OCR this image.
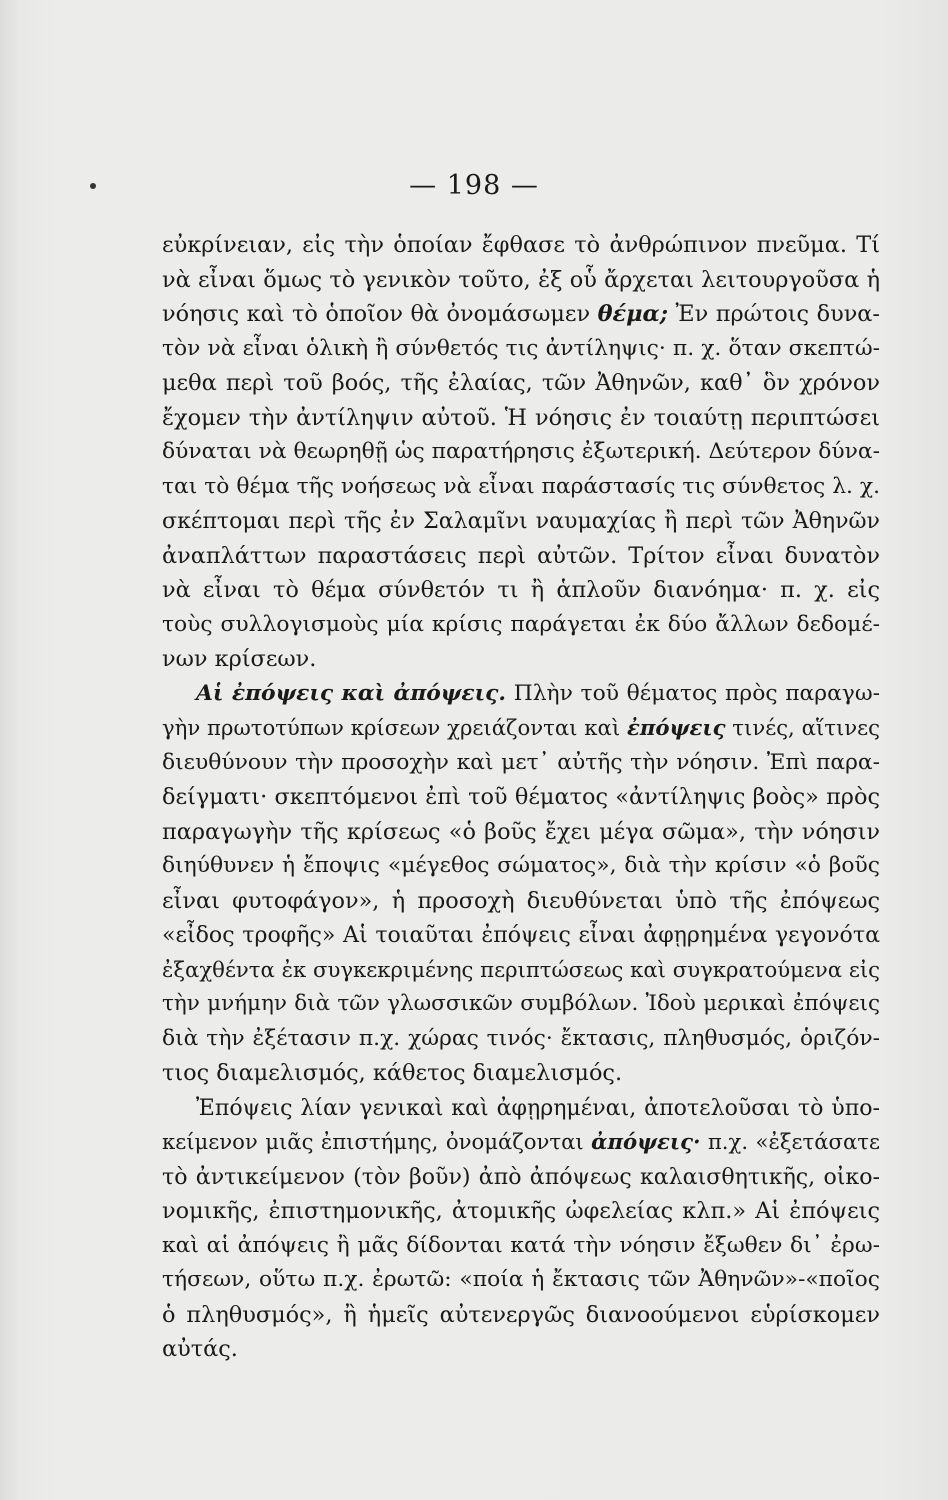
— 198 —
εὐκρίνειαν, εἰς τὴν ὁποίαν ἔφθασε τὸ ἀνθρώπινον πνεῦμα. Τί
νὰ εἶναι ὅμως τὸ γενικὸν τοῦτο, ἐξ οὗ ἄρχεται λειτουργοῦσα ἡ
νόησις καὶ τὸ ὁποῖον θὰ ὀνομάσωμεν θέμα; Ἐν πρώτοις δυνα-
τὸν νὰ εἶναι ὁλικὴ ἢ σύνθετός τις ἀντίληψις· π. χ. ὅταν σκεπτώ-
μεθα περὶ τοῦ βοός, τῆς ἐλαίας, τῶν Ἀθηνῶν, καθ᾽ ὃν χρόνον
ἔχομεν τὴν ἀντίληψιν αὐτοῦ. Ἡ νόησις ἐν τοιαύτῃ περιπτώσει
δύναται νὰ θεωρηθῇ ὡς παρατήρησις ἐξωτερική. Δεύτερον δύνα-
ται τὸ θέμα τῆς νοήσεως νὰ εἶναι παράστασίς τις σύνθετος λ. χ.
σκέπτομαι περὶ τῆς ἐν Σαλαμῖνι ναυμαχίας ἢ περὶ τῶν Ἀθηνῶν
ἀναπλάττων παραστάσεις περὶ αὐτῶν. Τρίτον εἶναι δυνατὸν
νὰ εἶναι τὸ θέμα σύνθετόν τι ἢ ἁπλοῦν διανόημα· π. χ. εἰς
τοὺς συλλογισμοὺς μία κρίσις παράγεται ἐκ δύο ἄλλων δεδομέ-
νων κρίσεων.
Αἱ ἐπόψεις καὶ ἀπόψεις. Πλὴν τοῦ θέματος πρὸς παραγω-
γὴν πρωτοτύπων κρίσεων χρειάζονται καὶ ἐπόψεις τινές, αἵτινες
διευθύνουν τὴν προσοχὴν καὶ μετ᾽ αὐτῆς τὴν νόησιν. Ἐπὶ παρα-
δείγματι· σκεπτόμενοι ἐπὶ τοῦ θέματος «ἀντίληψις βοὸς» πρὸς
παραγωγὴν τῆς κρίσεως «ὁ βοῦς ἔχει μέγα σῶμα», τὴν νόησιν
διηύθυνεν ἡ ἔποψις «μέγεθος σώματος», διὰ τὴν κρίσιν «ὁ βοῦς
εἶναι φυτοφάγον», ἡ προσοχὴ διευθύνεται ὑπὸ τῆς ἐπόψεως
«εἶδος τροφῆς» Αἱ τοιαῦται ἐπόψεις εἶναι ἀφῃρημένα γεγονότα
ἐξαχθέντα ἐκ συγκεκριμένης περιπτώσεως καὶ συγκρατούμενα εἰς
τὴν μνήμην διὰ τῶν γλωσσικῶν συμβόλων. Ἰδοὺ μερικαὶ ἐπόψεις
διὰ τὴν ἐξέτασιν π.χ. χώρας τινός· ἔκτασις, πληθυσμός, ὁριζόν-
τιος διαμελισμός, κάθετος διαμελισμός.
Ἐπόψεις λίαν γενικαὶ καὶ ἀφῃρημέναι, ἀποτελοῦσαι τὸ ὑπο-
κείμενον μιᾶς ἐπιστήμης, ὀνομάζονται ἀπόψεις· π.χ. «ἐξετάσατε
τὸ ἀντικείμενον (τὸν βοῦν) ἀπὸ ἀπόψεως καλαισθητικῆς, οἰκο-
νομικῆς, ἐπιστημονικῆς, ἀτομικῆς ὠφελείας κλπ.» Αἱ ἐπόψεις
καὶ αἱ ἀπόψεις ἢ μᾶς δίδονται κατά τὴν νόησιν ἔξωθεν δι᾽ ἐρω-
τήσεων, οὕτω π.χ. ἐρωτῶ: «ποία ἡ ἔκτασις τῶν Ἀθηνῶν»-«ποῖος
ὁ πληθυσμός», ἢ ἡμεῖς αὐτενεργῶς διανοούμενοι εὑρίσκομεν
αὐτάς.
